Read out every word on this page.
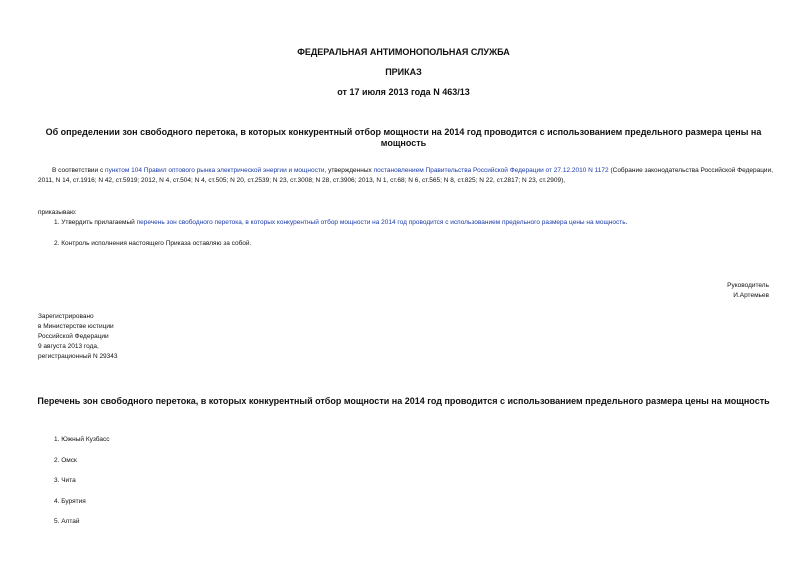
ФЕДЕРАЛЬНАЯ АНТИМОНОПОЛЬНАЯ СЛУЖБА
ПРИКАЗ
от 17 июля 2013 года N 463/13
Об определении зон свободного перетока, в которых конкурентный отбор мощности на 2014 год проводится с использованием предельного размера цены на мощность
В соответствии с пунктом 104 Правил оптового рынка электрической энергии и мощности, утвержденных постановлением Правительства Российской Федерации от 27.12.2010 N 1172 (Собрание законодательства Российской Федерации, 2011, N 14, ст.1916; N 42, ст.5919; 2012, N 4, ст.504; N 4, ст.505; N 20, ст.2539; N 23, ст.3008; N 28, ст.3906; 2013, N 1, ст.68; N 6, ст.565; N 8, ст.825; N 22, ст.2817; N 23, ст.2909),
приказываю:
1. Утвердить прилагаемый перечень зон свободного перетока, в которых конкурентный отбор мощности на 2014 год проводится с использованием предельного размера цены на мощность.
2. Контроль исполнения настоящего Приказа оставляю за собой.
Руководитель
И.Артемьев
Зарегистрировано
в Министерстве юстиции
Российской Федерации
9 августа 2013 года,
регистрационный N 29343
Перечень зон свободного перетока, в которых конкурентный отбор мощности на 2014 год проводится с использованием предельного размера цены на мощность
1. Южный Кузбасс
2. Омск
3. Чита
4. Бурятия
5. Алтай
